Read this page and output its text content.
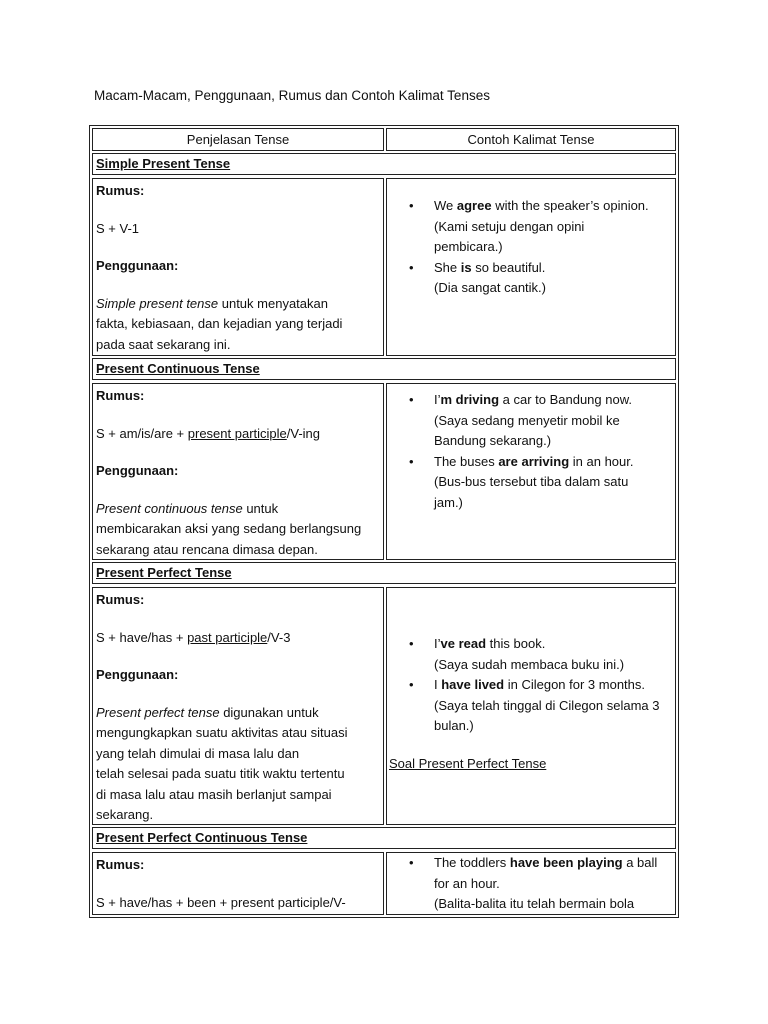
Macam-Macam, Penggunaan, Rumus dan Contoh Kalimat Tenses
Penjelasan Tense	Contoh Kalimat Tense
Simple Present Tense

Rumus:

S + V-1

Penggunaan:

Simple present tense untuk menyatakan

fakta, kebiasaan, dan kejadian yang terjadi

pada saat sekarang ini.

• We agree with the speaker’s opinion.
(Kami setuju dengan opini
pembicara.)
• She is so beautiful.
(Dia sangat cantik.)
Present Continuous Tense

Rumus:

S + am/is/are + present participle/V-ing

Penggunaan:

Present continuous tense untuk

membicarakan aksi yang sedang berlangsung

sekarang atau rencana dimasa depan.

• I’m driving a car to Bandung now.
(Saya sedang menyetir mobil ke
Bandung sekarang.)
• The buses are arriving in an hour.
(Bus-bus tersebut tiba dalam satu
jam.)
Present Perfect Tense

Rumus:

S + have/has + past participle/V-3

Penggunaan:

Present perfect tense digunakan untuk

mengungkapkan suatu aktivitas atau situasi

yang telah dimulai di masa lalu dan

telah selesai pada suatu titik waktu tertentu

di masa lalu atau masih berlanjut sampai

sekarang.

• I’ve read this book.
(Saya sudah membaca buku ini.)
• I have lived in Cilegon for 3 months.
(Saya telah tinggal di Cilegon selama 3
bulan.)
Soal Present Perfect Tense
Present Perfect Continuous Tense

Rumus:

S + have/has + been + present participle/V-

• The toddlers have been playing a ball
for an hour.
(Balita-balita itu telah bermain bola
